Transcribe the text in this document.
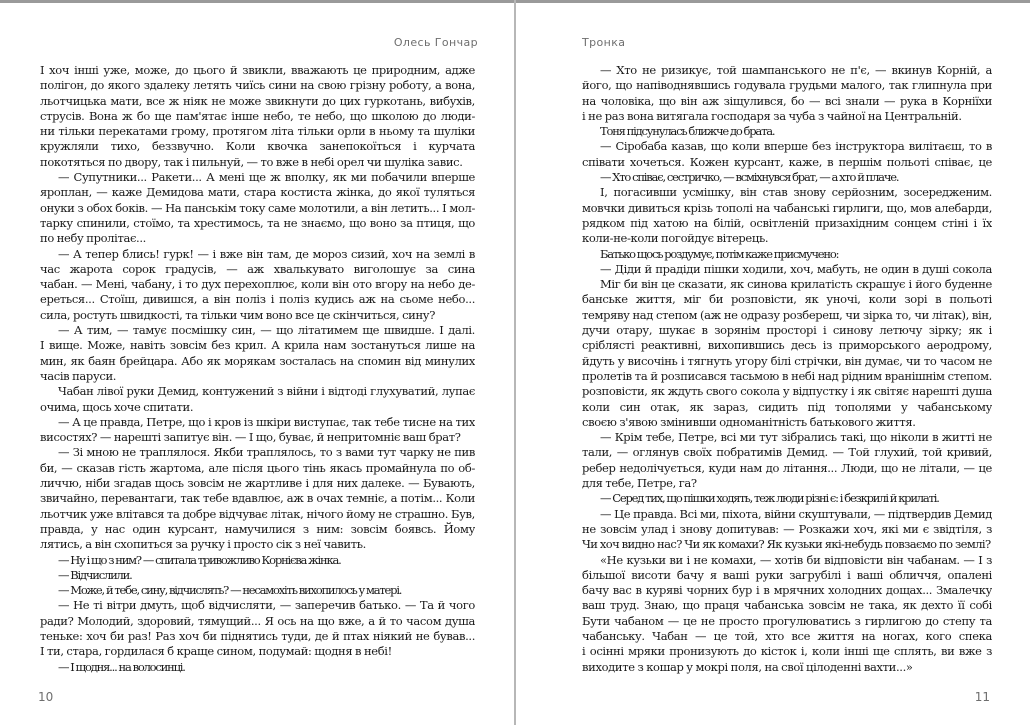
Олесь Гончар
І хоч інші уже, може, до цього й звикли, вважають це природним, адже
полігон, до якого здалеку летять чиїсь сини на свою грізну роботу, а вона,
льотчицька мати, все ж ніяк не може звикнути до цих гуркотань, вибухів,
струсів. Вона ж бо ще пам'ятає інше небо, те небо, що школою до люди-
ни тільки перекатами грому, протягом літа тільки орли в ньому та шуліки
кружляли тихо, беззвучно. Коли квочка занепокоїться і курчата
покотяться по двору, так і пильнуй, — то вже в небі орел чи шуліка завис.
— Супутники... Ракети... А мені ще ж вполку, як ми побачили вперше
яроплан, — каже Демидова мати, стара костиста жінка, до якої туляться
онуки з обох боків. — На панськім току саме молотили, а він летить... І мол-
тарку спинили, стоїмо, та хрестимось, та не знаємо, що воно за птиця, що
по небу пролітає...
— А тепер блись! гурк! — і вже він там, де мороз сизий, хоч на землі в
час жарота сорок градусів, — аж хвалькувато виголошує за сина
чабан. — Мені, чабану, і то дух перехоплює, коли він ото вгору на небо де-
ереться... Стоїш, дивишся, а він поліз і поліз кудись аж на сьоме небо...
сила, ростуть швидкості, та тільки чим воно все це скінчиться, сину?
— А тим, — тамує посмішку син, — що літатимем ще швидше. І далі.
І вище. Може, навіть зовсім без крил. А крила нам зостануться лише на
мин, як баян брейцара. Або як морякам зосталась на спомин від минулих
часів паруси.
Чабан лівої руки Демид, контужений з війни і відтоді глухуватий, лупає
очима, щось хоче спитати.
— А це правда, Петре, що і кров із шкіри виступає, так тебе тисне на тих
висостях? — нарешті запитує він. — І що, буває, й непритомніє ваш брат?
— Зі мною не траплялося. Якби траплялось, то з вами тут чарку не пив
би, — сказав гість жартома, але після цього тінь якась промайнула по об-
личчю, ніби згадав щось зовсім не жартливе і для них далеке. — Бувають,
звичайно, перевантаги, так тебе вдавлює, аж в очах темніє, а потім... Коли
льотчик уже влітався та добре відчуває літак, нічого йому не страшно. Був,
правда, у нас один курсант, намучилися з ним: зовсім боявсь. Йому
лятись, а він схопиться за ручку і просто сік з неї чавить.
— Ну і що з ним? — спитала тривожливо Корнієва жінка.
— Відчислили.
— Може, й тебе, сину, відчислять? — несамохіть вихопилось у матері.
— Не ті вітри дмуть, щоб відчисляти, — заперечив батько. — Та й чого
ради? Молодий, здоровий, тямущий... Я ось на що вже, а й то часом душа
теньке: хоч би раз! Раз хоч би піднятись туди, де й птах ніякий не бував...
І ти, стара, гордилася б краще сином, подумай: щодня в небі!
— І щодня... на волосинці.
10
Тронка
— Хто не ризикує, той шампанського не п'є, — вкинув Корній, а
його, що напіводнявшись годувала грудьми малого, так глипнула при
на чоловіка, що він аж зіщулився, бо — всі знали — рука в Корніїхи
і не раз вона витягала господаря за чуба з чайної на Центральній.
Тоня підсунулась ближче до брата.
— Сіробаба казав, що коли вперше без інструктора вилітаєш, то в
співати хочеться. Кожен курсант, каже, в першім польоті співає, це
— Хто співає, сестричко, — всміхнувся брат, — а хто й плаче.
І, погасивши усмішку, він став знову серйозним, зосередженим.
мовчки дивиться крізь тополі на чабанські гирлиги, що, мов алебарди,
рядком під хатою на білій, освітленій призахідним сонцем стіні і їх
коли-не-коли погойдує вітерець.
Батько щось роздумує, потім каже присмучено:
— Діди й прадіди пішки ходили, хоч, мабуть, не один в душі сокола
Міг би він це сказати, як синова крилатість скрашує і його буденне
банське життя, міг би розповісти, як уночі, коли зорі в польоті
темряву над степом (аж не одразу розбереш, чи зірка то, чи літак), він,
дучи отару, шукає в зорянім просторі і синову летючу зірку; як і
сріблясті реактивні, вихопившись десь із приморського аеродрому,
йдуть у височінь і тягнуть угору білі стрічки, він думає, чи то часом не
пролетів та й розписався тасьмою в небі над рідним вранішнім степом.
розповісти, як ждуть свого сокола у відпустку і як світяє нарешті душа
коли син отак, як зараз, сидить під тополями у чабанському
своєю з'явою змінивши одноманітність батькового життя.
— Крім тебе, Петре, всі ми тут зібрались такі, що ніколи в житті не
тали, — оглянув своїх побратимів Демид. — Той глухий, той кривий,
ребер недолічується, куди нам до літання... Люди, що не літали, — це
для тебе, Петре, га?
— Серед тих, що пішки ходять, теж люди різні є: і безкрилі й крилаті.
— Це правда. Всі ми, піхота, війни скуштували, — підтвердив Демид
не зовсім улад і знову допитував: — Розкажи хоч, які ми є звідтіля, з
Чи хоч видно нас? Чи як комахи? Як кузьки які-небудь повзаємо по землі?
«Не кузьки ви і не комахи, — хотів би відповісти він чабанам. — І з
більшої висоти бачу я ваші руки загрубілі і ваші обличчя, опалені
бачу вас в куряві чорних бур і в мрячних холодних дощах... Змалечку
ваш труд. Знаю, що праця чабанська зовсім не така, як дехто її собі
Бути чабаном — це не просто прогулюватись з гирлигою до степу та
чабанську. Чабан — це той, хто все життя на ногах, кого спека
і осінні мряки пронизують до кісток і, коли інші ще сплять, ви вже з
виходите з кошар у мокрі поля, на свої цілоденні вахти...»
11
